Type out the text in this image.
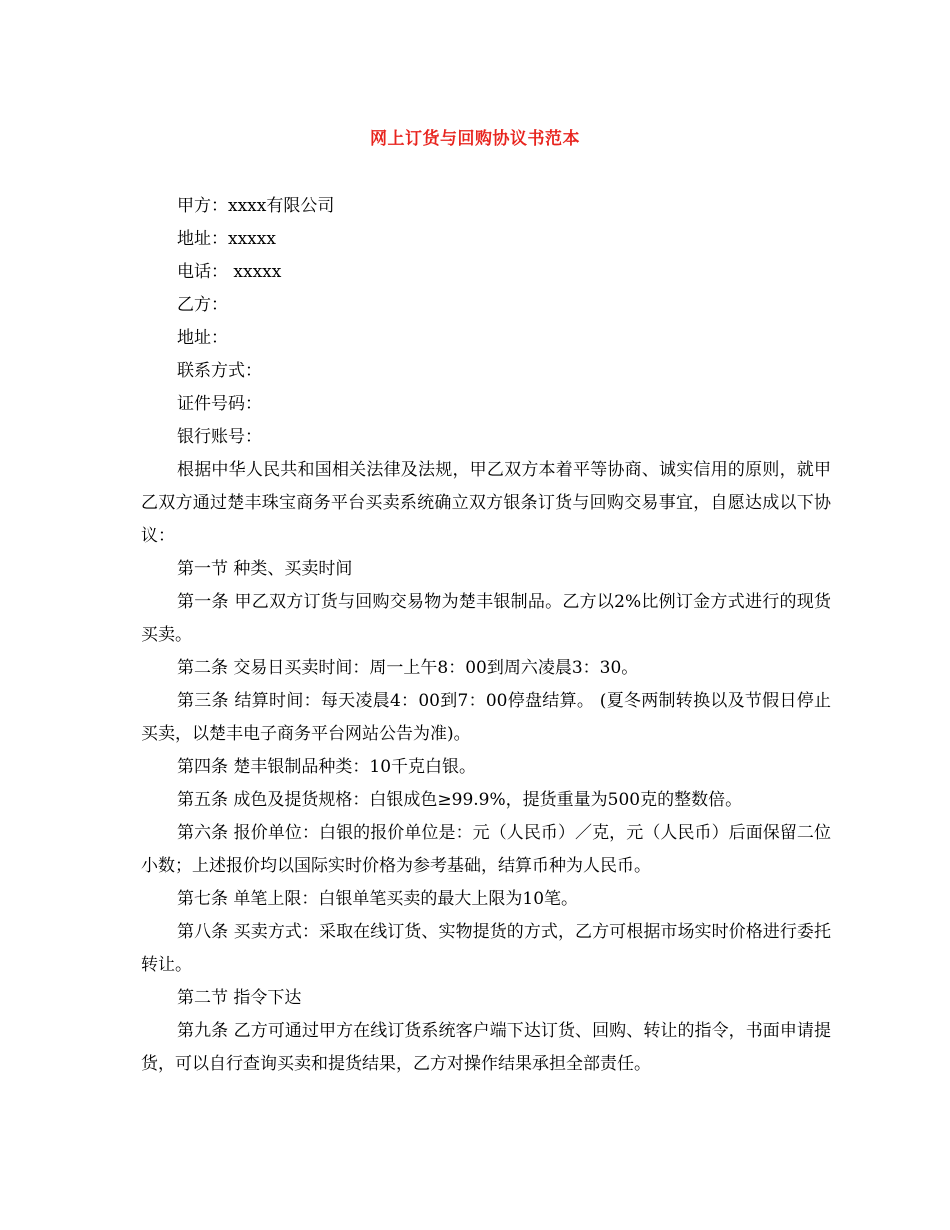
网上订货与回购协议书范本

甲方：xxxx有限公司

地址：xxxxx

电话： xxxxx

乙方：

地址：

联系方式：

证件号码：

银行账号：

根据中华人民共和国相关法律及法规，甲乙双方本着平等协商、诚实信用的原则，就甲乙双方通过楚丰珠宝商务平台买卖系统确立双方银条订货与回购交易事宜，自愿达成以下协议：

第一节 种类、买卖时间

第一条 甲乙双方订货与回购交易物为楚丰银制品。乙方以2%比例订金方式进行的现货买卖。

第二条 交易日买卖时间：周一上午8：00到周六凌晨3：30。

第三条 结算时间：每天凌晨4：00到7：00停盘结算。 (夏冬两制转换以及节假日停止买卖，以楚丰电子商务平台网站公告为准)。

第四条 楚丰银制品种类：10千克白银。

第五条 成色及提货规格：白银成色≥99.9%，提货重量为500克的整数倍。

第六条 报价单位：白银的报价单位是：元（人民币）／克，元（人民币）后面保留二位小数；上述报价均以国际实时价格为参考基础，结算币种为人民币。

第七条 单笔上限：白银单笔买卖的最大上限为10笔。

第八条 买卖方式：采取在线订货、实物提货的方式，乙方可根据市场实时价格进行委托转让。

第二节 指令下达

第九条 乙方可通过甲方在线订货系统客户端下达订货、回购、转让的指令，书面申请提货，可以自行查询买卖和提货结果，乙方对操作结果承担全部责任。
